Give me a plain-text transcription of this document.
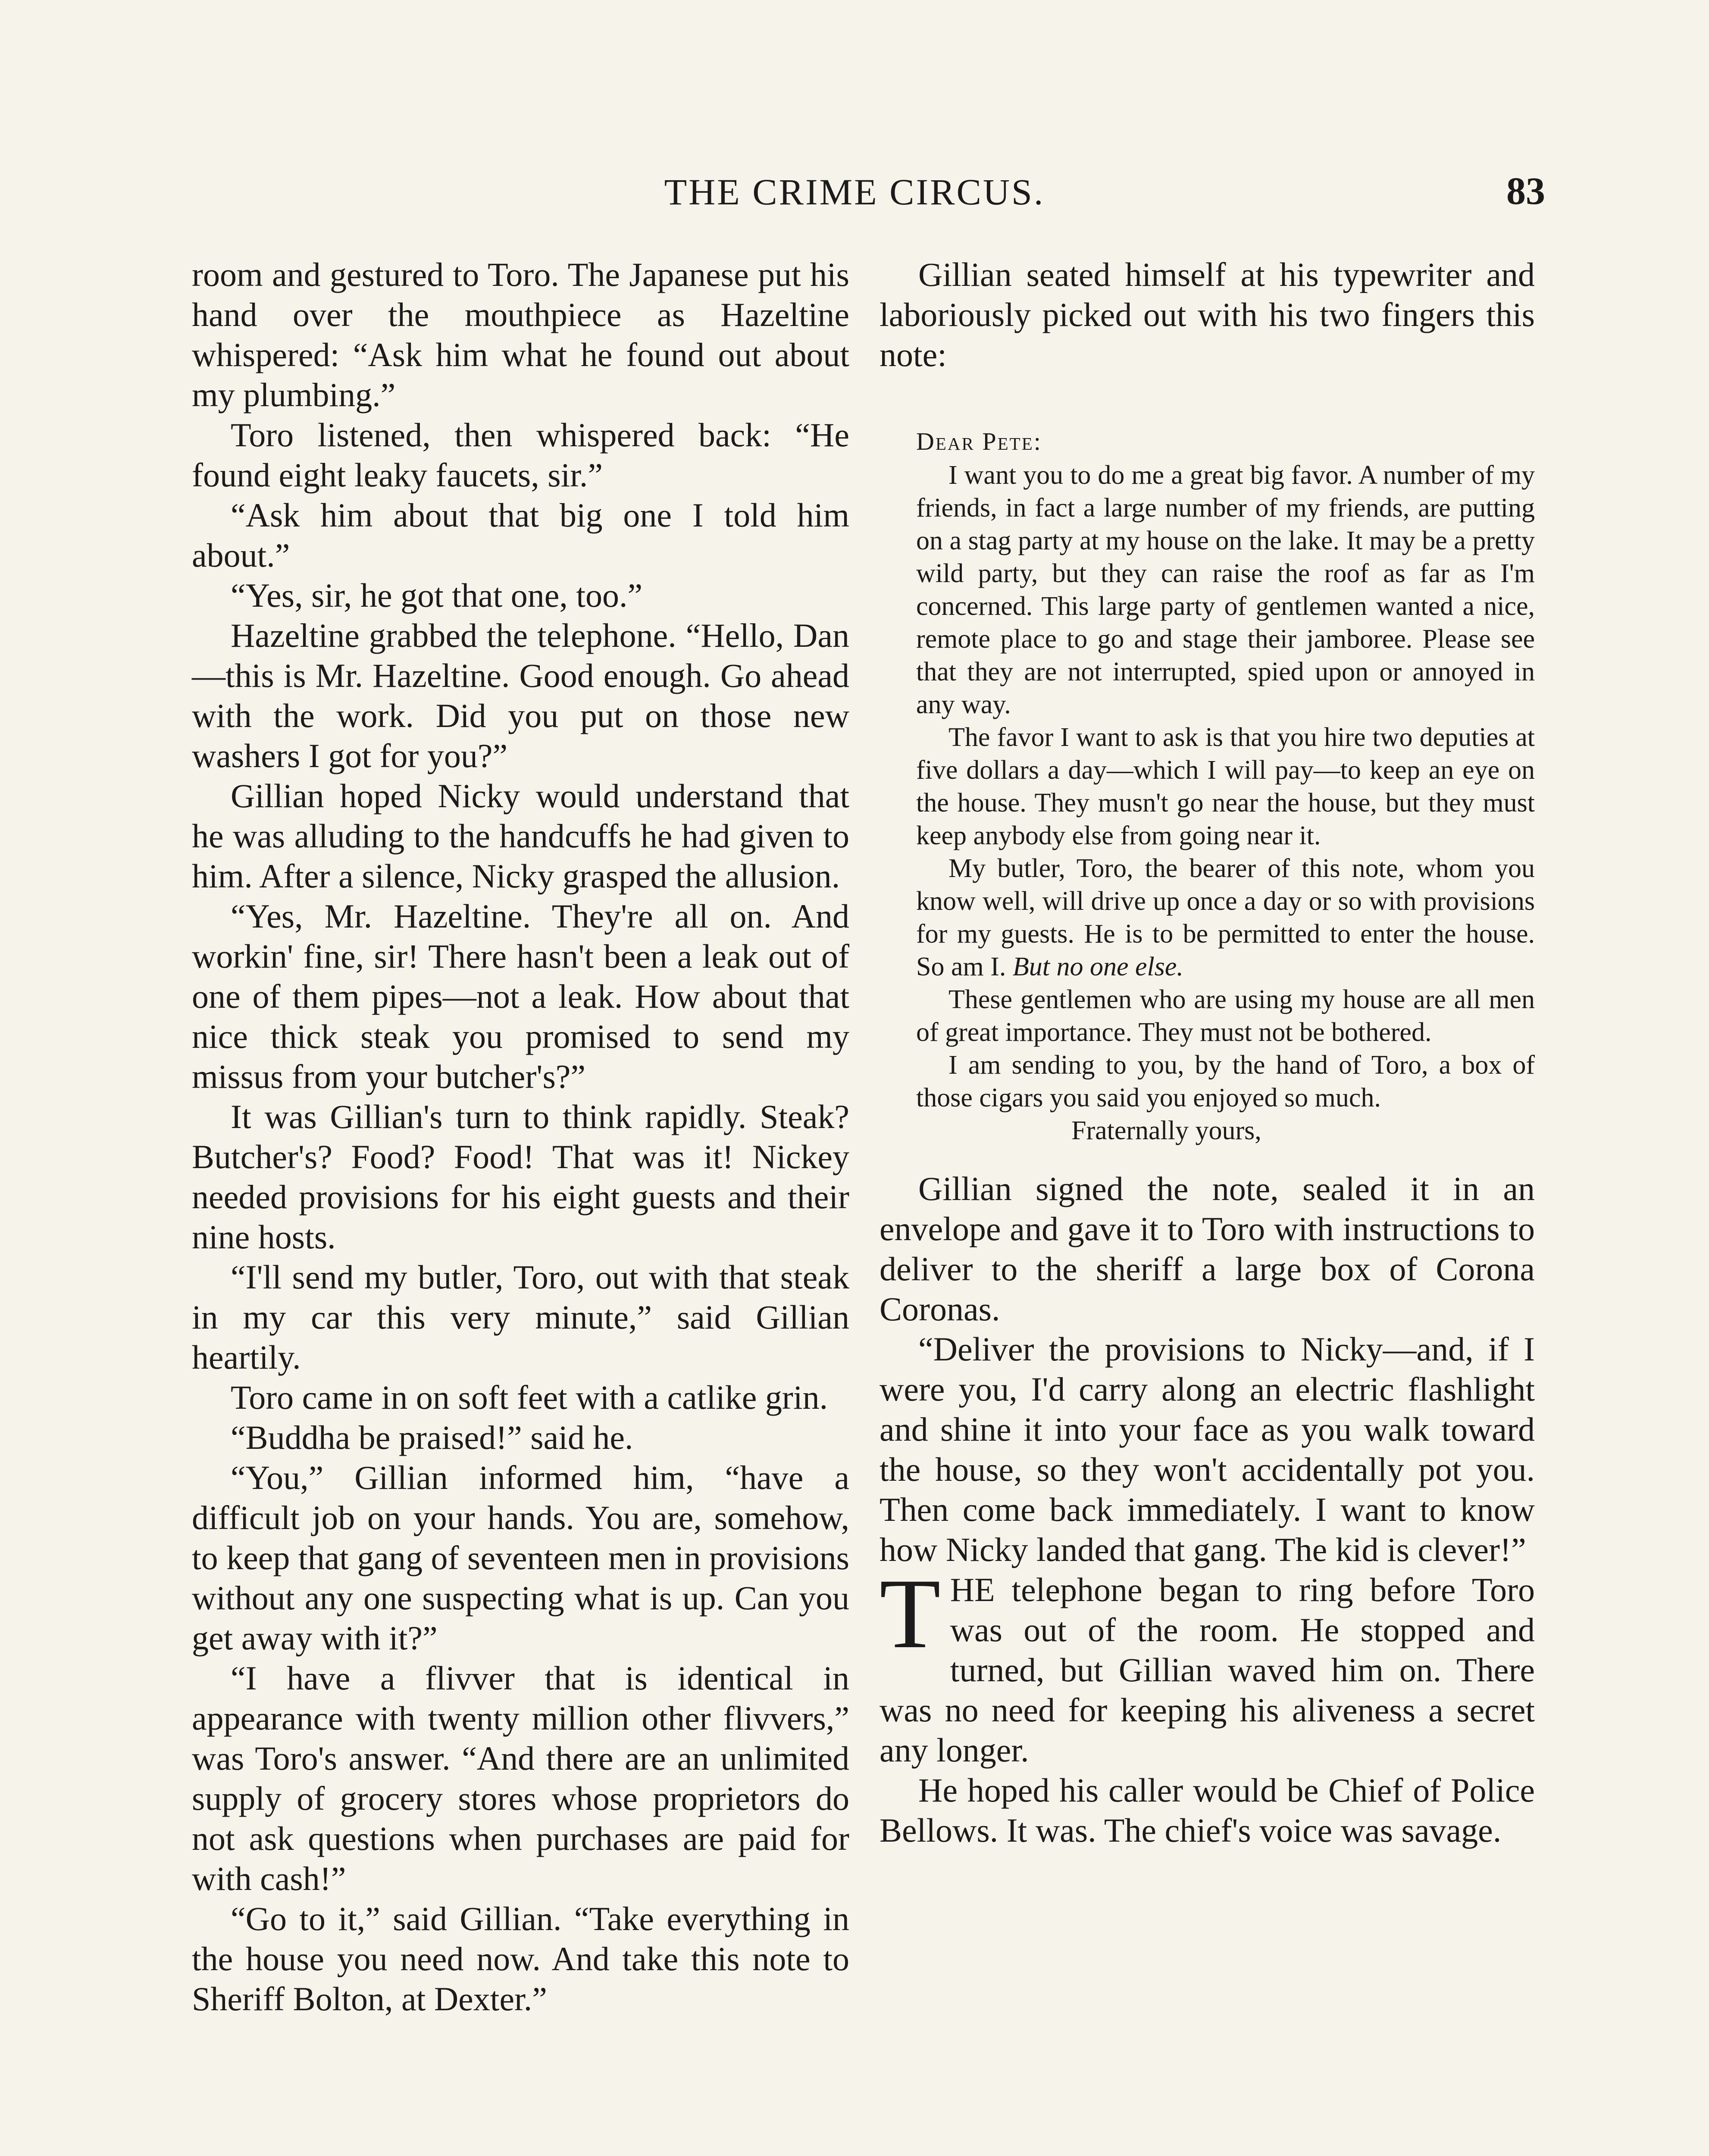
THE CRIME CIRCUS.	83

room and gestured to Toro. The Japanese put his hand over the mouthpiece as Hazeltine whispered: “Ask him what he found out about my plumbing.”

Toro listened, then whispered back: “He found eight leaky faucets, sir.”

“Ask him about that big one I told him about.”

“Yes, sir, he got that one, too.”

Hazeltine grabbed the telephone. “Hello, Dan—this is Mr. Hazeltine. Good enough. Go ahead with the work. Did you put on those new washers I got for you?”

Gillian hoped Nicky would understand that he was alluding to the handcuffs he had given to him. After a silence, Nicky grasped the allusion.

“Yes, Mr. Hazeltine. They're all on. And workin' fine, sir! There hasn't been a leak out of one of them pipes—not a leak. How about that nice thick steak you promised to send my missus from your butcher's?”

It was Gillian's turn to think rapidly. Steak? Butcher's? Food? Food! That was it! Nickey needed provisions for his eight guests and their nine hosts.

“I'll send my butler, Toro, out with that steak in my car this very minute,” said Gillian heartily.

Toro came in on soft feet with a catlike grin.

“Buddha be praised!” said he.

“You,” Gillian informed him, “have a difficult job on your hands. You are, somehow, to keep that gang of seventeen men in provisions without any one suspecting what is up. Can you get away with it?”

“I have a flivver that is identical in appearance with twenty million other flivvers,” was Toro's answer. “And there are an unlimited supply of grocery stores whose proprietors do not ask questions when purchases are paid for with cash!”

“Go to it,” said Gillian. “Take everything in the house you need now. And take this note to Sheriff Bolton, at Dexter.”

Gillian seated himself at his typewriter and laboriously picked out with his two fingers this note:

Dear Pete:

I want you to do me a great big favor. A number of my friends, in fact a large number of my friends, are putting on a stag party at my house on the lake. It may be a pretty wild party, but they can raise the roof as far as I'm concerned. This large party of gentlemen wanted a nice, remote place to go and stage their jamboree. Please see that they are not interrupted, spied upon or annoyed in any way.

The favor I want to ask is that you hire two deputies at five dollars a day—which I will pay—to keep an eye on the house. They musn't go near the house, but they must keep anybody else from going near it.

My butler, Toro, the bearer of this note, whom you know well, will drive up once a day or so with provisions for my guests. He is to be permitted to enter the house. So am I. But no one else.

These gentlemen who are using my house are all men of great importance. They must not be bothered.

I am sending to you, by the hand of Toro, a box of those cigars you said you enjoyed so much.

Fraternally yours,

Gillian signed the note, sealed it in an envelope and gave it to Toro with instructions to deliver to the sheriff a large box of Corona Coronas.

“Deliver the provisions to Nicky—and, if I were you, I'd carry along an electric flashlight and shine it into your face as you walk toward the house, so they won't accidentally pot you. Then come back immediately. I want to know how Nicky landed that gang. The kid is clever!”

THE telephone began to ring before Toro was out of the room. He stopped and turned, but Gillian waved him on. There was no need for keeping his aliveness a secret any longer.

He hoped his caller would be Chief of Police Bellows. It was. The chief's voice was savage.
